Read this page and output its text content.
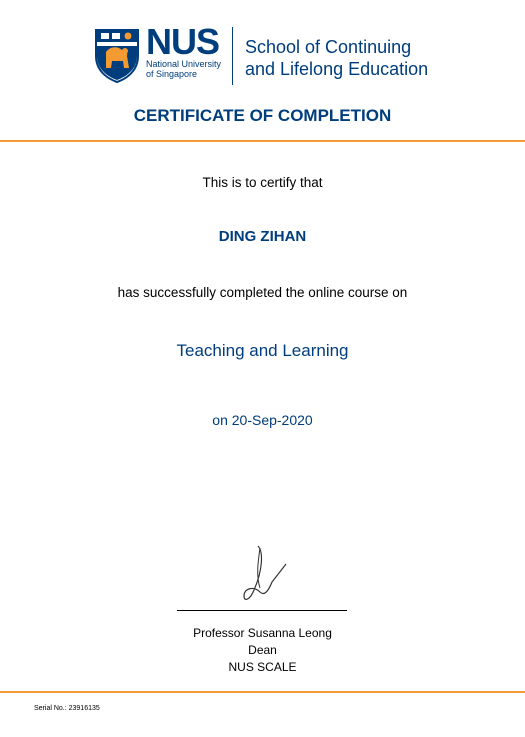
NUS
National University
of Singapore
School of Continuing
and Lifelong Education
CERTIFICATE OF COMPLETION
This is to certify that
DING ZIHAN
has successfully completed the online course on
Teaching and Learning
on 20-Sep-2020
Professor Susanna Leong
Dean
NUS SCALE
Serial No.: 23916135
